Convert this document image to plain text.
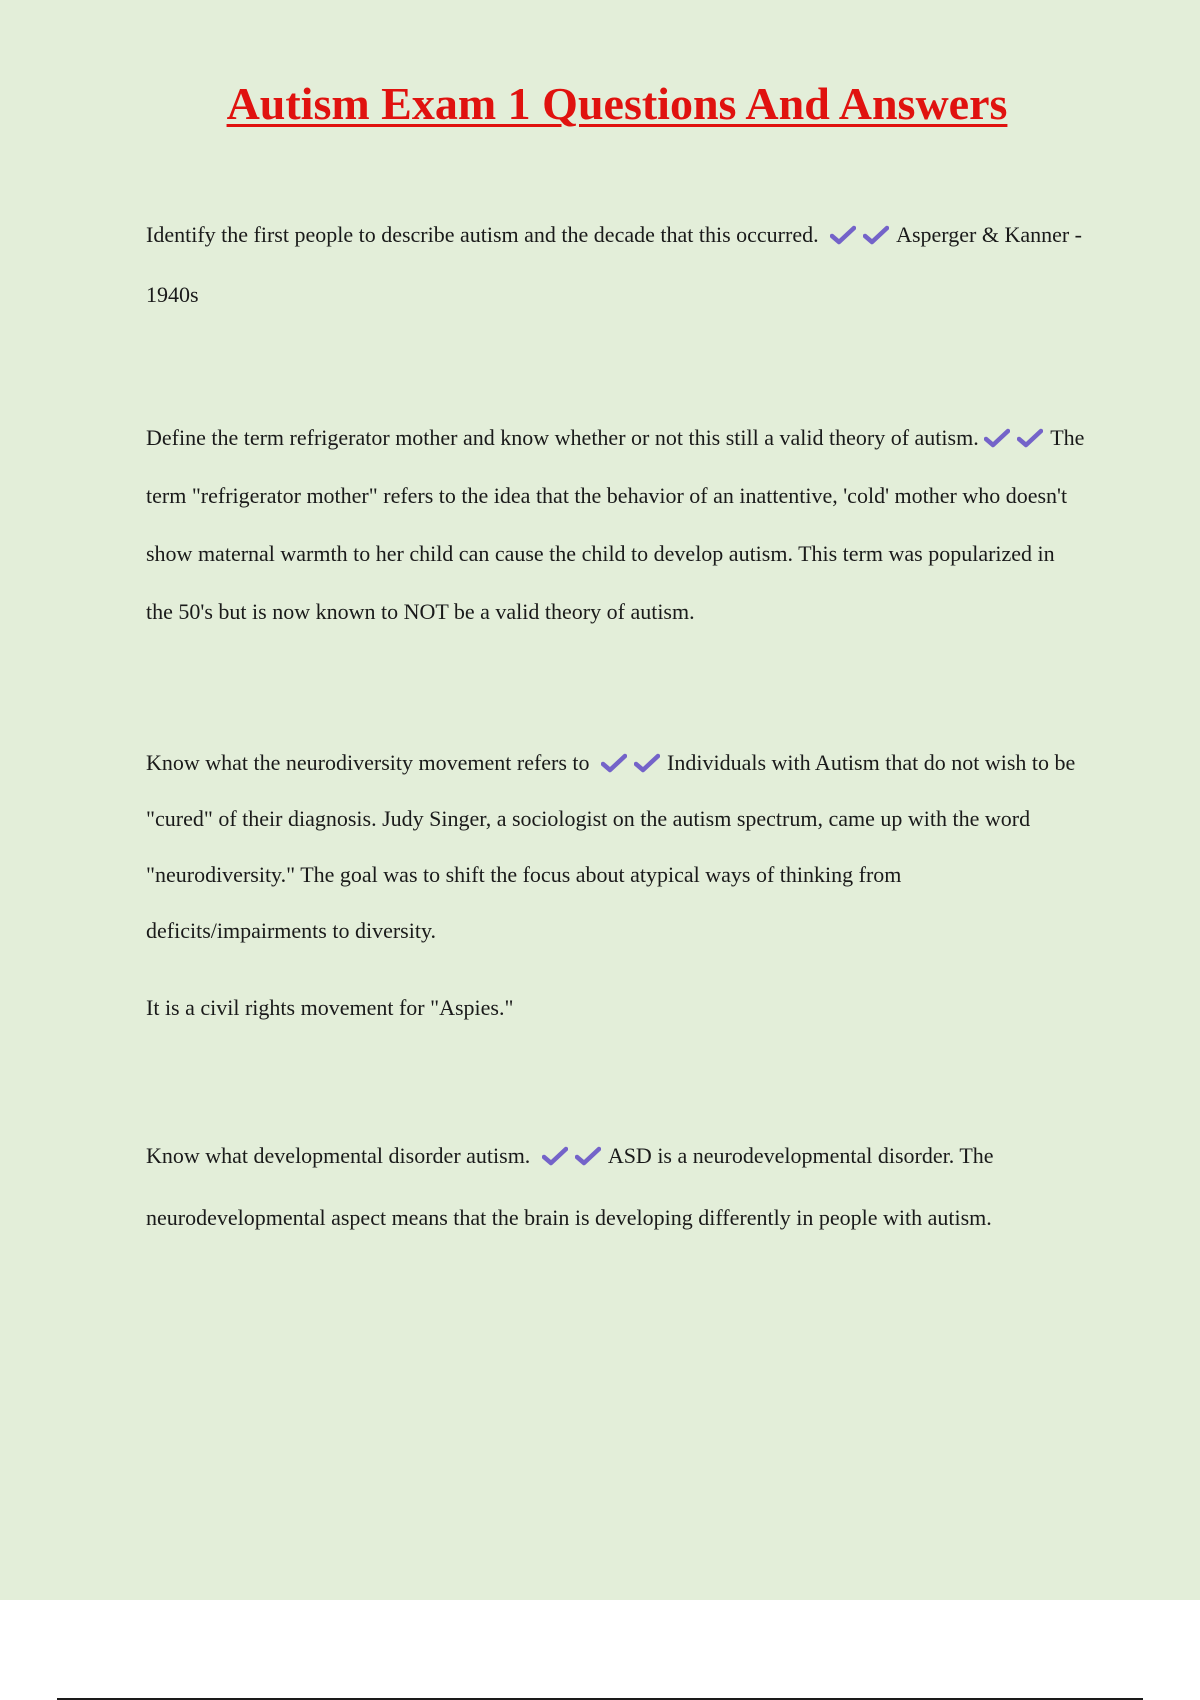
Autism Exam 1 Questions And Answers

Identify the first people to describe autism and the decade that this occurred.	Asperger & Kanner - 1940s

Define the term refrigerator mother and know whether or not this still a valid theory of autism.	The term "refrigerator mother" refers to the idea that the behavior of an inattentive, 'cold' mother who doesn't show maternal warmth to her child can cause the child to develop autism. This term was popularized in the 50's but is now known to NOT be a valid theory of autism.

Know what the neurodiversity movement refers to	Individuals with Autism that do not wish to be "cured" of their diagnosis. Judy Singer, a sociologist on the autism spectrum, came up with the word "neurodiversity." The goal was to shift the focus about atypical ways of thinking from deficits/impairments to diversity.

It is a civil rights movement for "Aspies."

Know what developmental disorder autism.	ASD is a neurodevelopmental disorder. The neurodevelopmental aspect means that the brain is developing differently in people with autism.
